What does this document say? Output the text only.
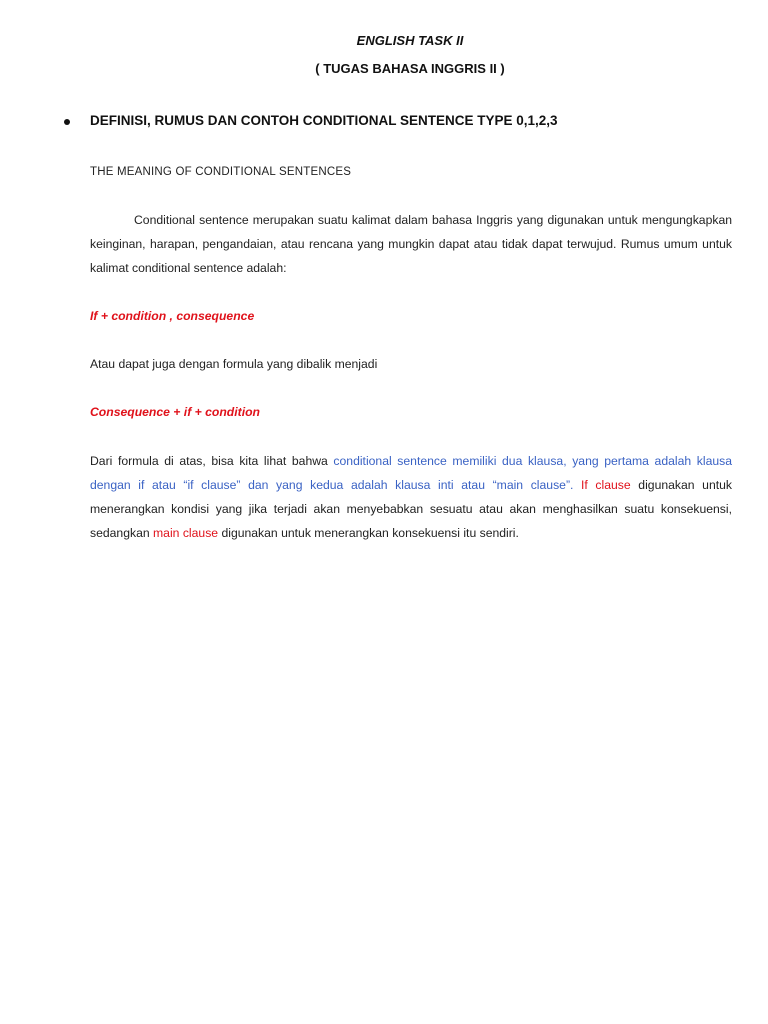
ENGLISH TASK II
( TUGAS BAHASA INGGRIS II )
DEFINISI, RUMUS DAN CONTOH CONDITIONAL SENTENCE TYPE 0,1,2,3
THE MEANING OF CONDITIONAL SENTENCES
Conditional sentence merupakan suatu kalimat dalam bahasa Inggris yang digunakan untuk mengungkapkan keinginan, harapan, pengandaian, atau rencana yang mungkin dapat atau tidak dapat terwujud. Rumus umum untuk kalimat conditional sentence adalah:
If + condition , consequence
Atau dapat juga dengan formula yang dibalik menjadi
Consequence + if + condition
Dari formula di atas, bisa kita lihat bahwa conditional sentence memiliki dua klausa, yang pertama adalah klausa dengan if atau “if clause” dan yang kedua adalah klausa inti atau “main clause”. If clause digunakan untuk menerangkan kondisi yang jika terjadi akan menyebabkan sesuatu atau akan menghasilkan suatu konsekuensi, sedangkan main clause digunakan untuk menerangkan konsekuensi itu sendiri.
